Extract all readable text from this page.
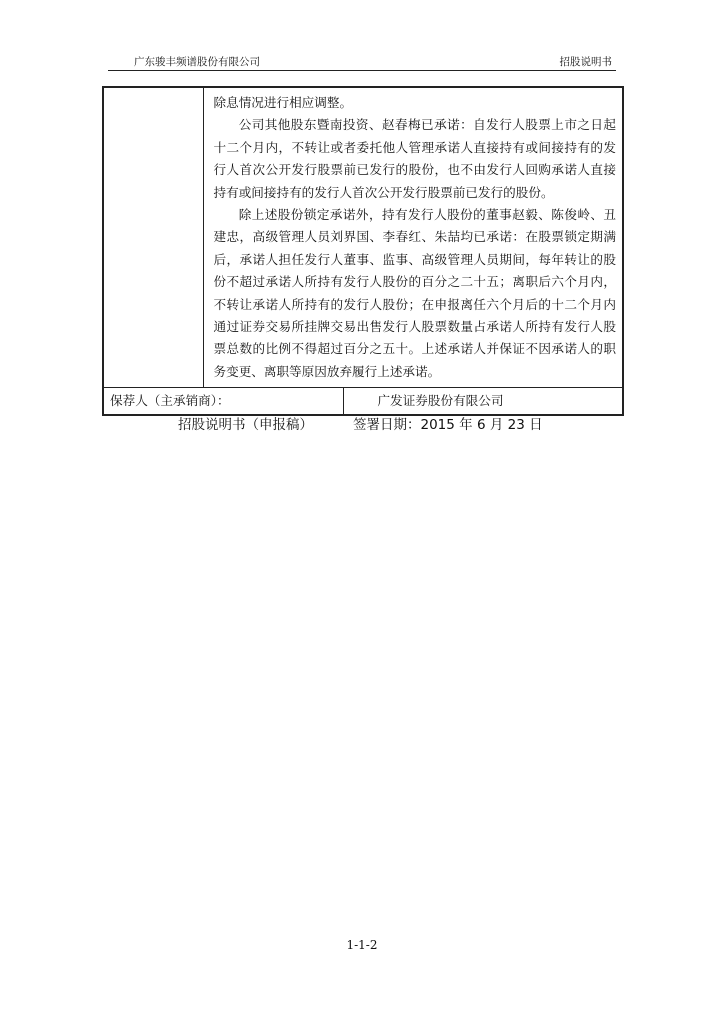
广东骏丰频谱股份有限公司	招股说明书

	除息情况进行相应调整。

公司其他股东暨南投资、赵春梅已承诺：自发行人股票上市之日起十二个月内，不转让或者委托他人管理承诺人直接持有或间接持有的发行人首次公开发行股票前已发行的股份，也不由发行人回购承诺人直接持有或间接持有的发行人首次公开发行股票前已发行的股份。

除上述股份锁定承诺外，持有发行人股份的董事赵毅、陈俊岭、丑建忠，高级管理人员刘界国、李春红、朱喆均已承诺：在股票锁定期满后，承诺人担任发行人董事、监事、高级管理人员期间，每年转让的股份不超过承诺人所持有发行人股份的百分之二十五；离职后六个月内，不转让承诺人所持有的发行人股份；在申报离任六个月后的十二个月内通过证券交易所挂牌交易出售发行人股票数量占承诺人所持有发行人股票总数的比例不得超过百分之五十。上述承诺人并保证不因承诺人的职务变更、离职等原因放弃履行上述承诺。	

保荐人（主承销商）：		广发证券股份有限公司
招股说明书（申报稿）	签署日期：2015 年 6 月 23 日
1-1-2
